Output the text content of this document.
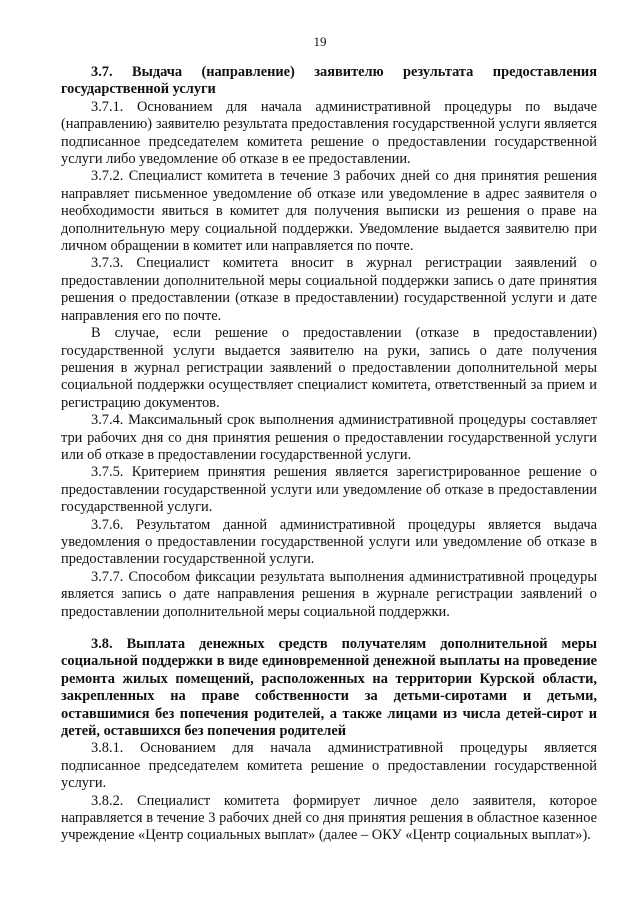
19

3.7. Выдача (направление) заявителю результата предоставления государственной услуги

3.7.1. Основанием для начала административной процедуры по выдаче (направлению) заявителю результата предоставления государственной услуги является подписанное председателем комитета решение о предоставлении государственной услуги либо уведомление об отказе в ее предоставлении.

3.7.2. Специалист комитета в течение 3 рабочих дней со дня принятия решения направляет письменное уведомление об отказе или уведомление в адрес заявителя о необходимости явиться в комитет для получения выписки из решения о праве на дополнительную меру социальной поддержки. Уведомление выдается заявителю при личном обращении в комитет или направляется по почте.

3.7.3. Специалист комитета вносит в журнал регистрации заявлений о предоставлении дополнительной меры социальной поддержки запись о дате принятия решения о предоставлении (отказе в предоставлении) государственной услуги и дате направления его по почте.

В случае, если решение о предоставлении (отказе в предоставлении) государственной услуги выдается заявителю на руки, запись о дате получения решения в журнал регистрации заявлений о предоставлении дополнительной меры социальной поддержки осуществляет специалист комитета, ответственный за прием и регистрацию документов.

3.7.4. Максимальный срок выполнения административной процедуры составляет три рабочих дня со дня принятия решения о предоставлении государственной услуги или об отказе в предоставлении государственной услуги.

3.7.5. Критерием принятия решения является зарегистрированное решение о предоставлении государственной услуги или уведомление об отказе в предоставлении государственной услуги.

3.7.6. Результатом данной административной процедуры является выдача уведомления о предоставлении государственной услуги или уведомление об отказе в предоставлении государственной услуги.

3.7.7. Способом фиксации результата выполнения административной процедуры является запись о дате направления решения в журнале регистрации заявлений о предоставлении дополнительной меры социальной поддержки.

3.8. Выплата денежных средств получателям дополнительной меры социальной поддержки в виде единовременной денежной выплаты на проведение ремонта жилых помещений, расположенных на территории Курской области, закрепленных на праве собственности за детьми-сиротами и детьми, оставшимися без попечения родителей, а также лицами из числа детей-сирот и детей, оставшихся без попечения родителей

3.8.1. Основанием для начала административной процедуры является подписанное председателем комитета решение о предоставлении государственной услуги.

3.8.2. Специалист комитета формирует личное дело заявителя, которое направляется в течение 3 рабочих дней со дня принятия решения в областное казенное учреждение «Центр социальных выплат» (далее – ОКУ «Центр социальных выплат»).
